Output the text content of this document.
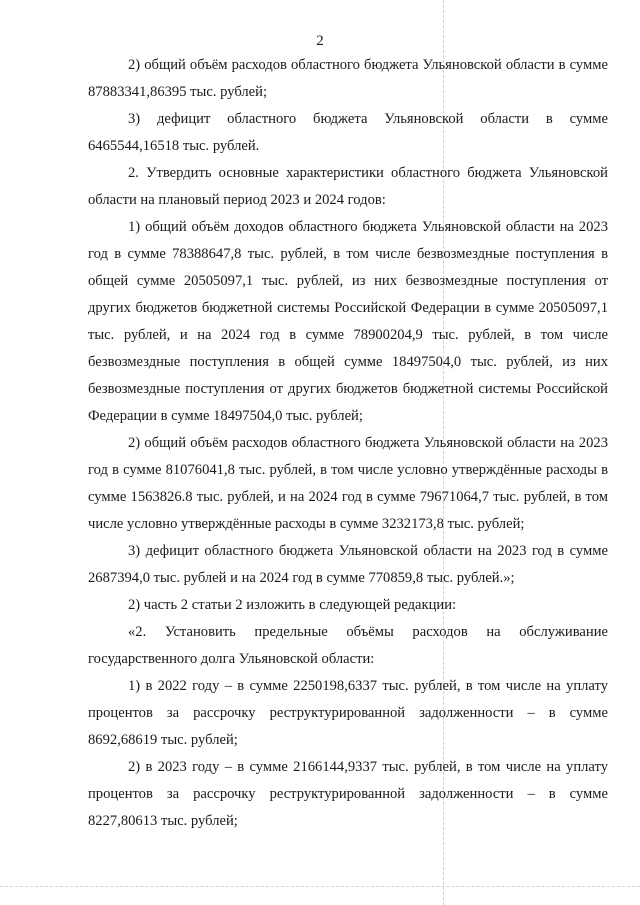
2

2) общий объём расходов областного бюджета Ульяновской области в сумме 87883341,86395 тыс. рублей;

3) дефицит областного бюджета Ульяновской области в сумме 6465544,16518 тыс. рублей.

2. Утвердить основные характеристики областного бюджета Ульяновской области на плановый период 2023 и 2024 годов:

1) общий объём доходов областного бюджета Ульяновской области на 2023 год в сумме 78388647,8 тыс. рублей, в том числе безвозмездные поступления в общей сумме 20505097,1 тыс. рублей, из них безвозмездные поступления от других бюджетов бюджетной системы Российской Федерации в сумме 20505097,1 тыс. рублей, и на 2024 год в сумме 78900204,9 тыс. рублей, в том числе безвозмездные поступления в общей сумме 18497504,0 тыс. рублей, из них безвозмездные поступления от других бюджетов бюджетной системы Российской Федерации в сумме 18497504,0 тыс. рублей;

2) общий объём расходов областного бюджета Ульяновской области на 2023 год в сумме 81076041,8 тыс. рублей, в том числе условно утверждённые расходы в сумме 1563826.8 тыс. рублей, и на 2024 год в сумме 79671064,7 тыс. рублей, в том числе условно утверждённые расходы в сумме 3232173,8 тыс. рублей;

3) дефицит областного бюджета Ульяновской области на 2023 год в сумме 2687394,0 тыс. рублей и на 2024 год в сумме 770859,8 тыс. рублей.»;

2) часть 2 статьи 2 изложить в следующей редакции:

«2. Установить предельные объёмы расходов на обслуживание государственного долга Ульяновской области:

1) в 2022 году – в сумме 2250198,6337 тыс. рублей, в том числе на уплату процентов за рассрочку реструктурированной задолженности – в сумме 8692,68619 тыс. рублей;

2) в 2023 году – в сумме 2166144,9337 тыс. рублей, в том числе на уплату процентов за рассрочку реструктурированной задолженности – в сумме 8227,80613 тыс. рублей;
